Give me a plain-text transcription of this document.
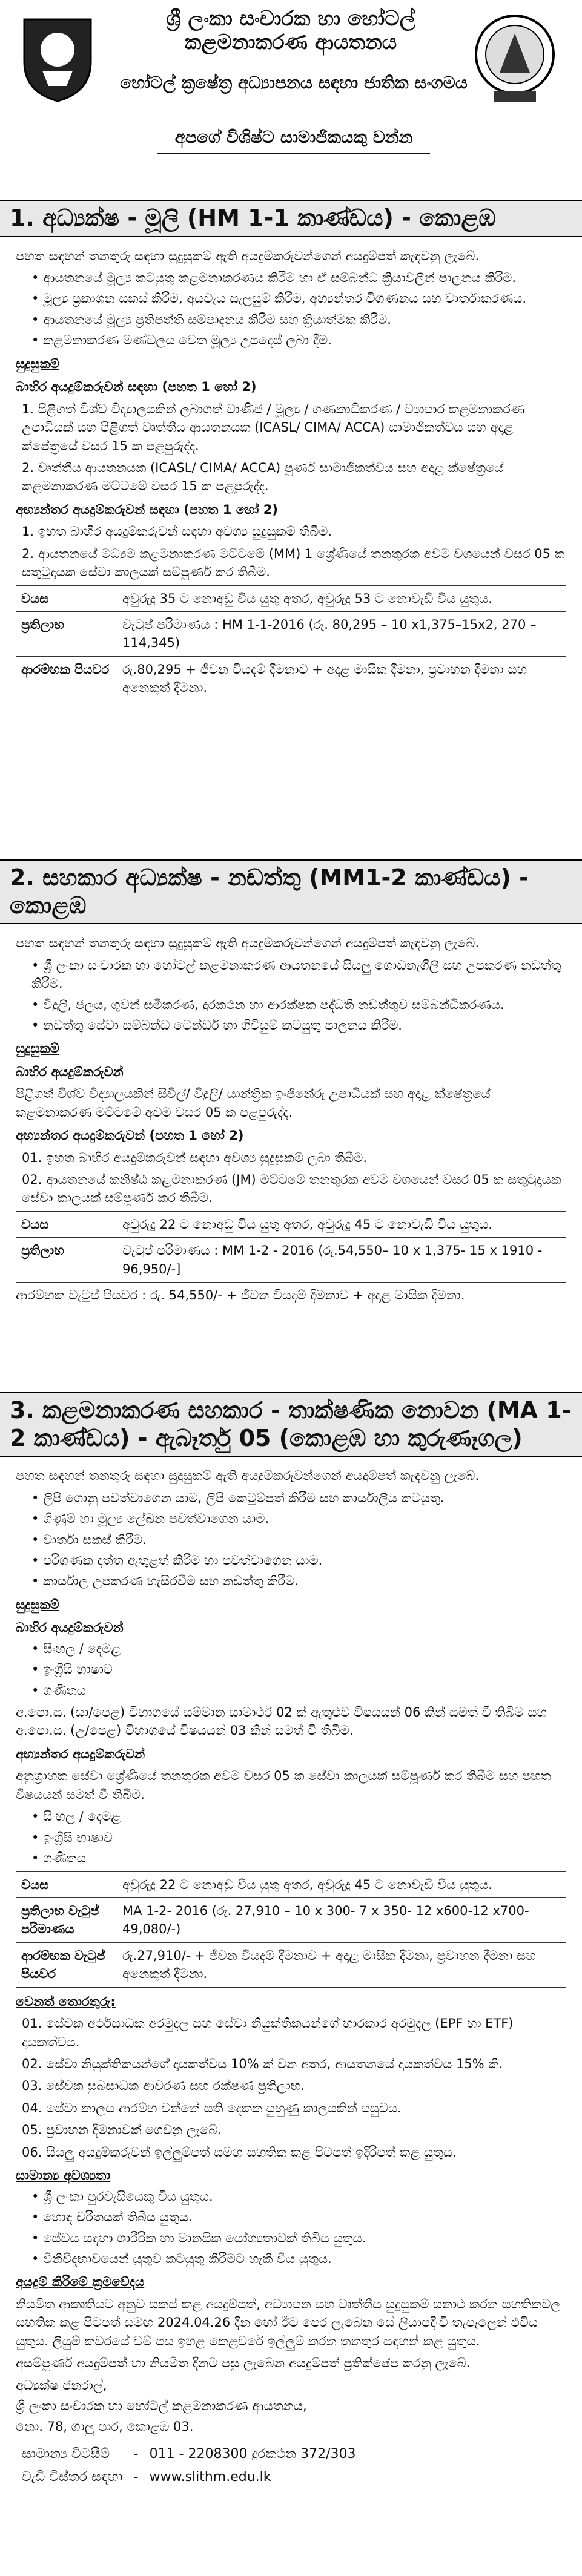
ශ්‍රී ලංකා සංචාරක හා හෝටල් කළමනාකරණ ආයතනය
හෝටල් ක්‍රෂේත්‍ර අධ්‍යාපනය සඳහා ජාතික සංගමය
අපගේ විශිෂ්ට සාමාජිකයකු වන්න
1. අධ්‍යක්ෂ - මූලි (HM 1-1 කාණ්ඩය) - කොළඹ

පහත සඳහන් තනතුරු සඳහා සුදුසුකම් ඇති අයදුම්කරුවන්ගෙන් අයදුම්පත් කැඳවනු ලැබේ.

• ආයතනයේ මූල්‍ය කටයුතු කළමනාකරණය කිරීම හා ඒ සම්බන්ධ ක්‍රියාවලීන් පාලනය කිරීම.
• මූල්‍ය ප්‍රකාශන සකස් කිරීම, අයවැය සැලසුම් කිරීම, අභ්‍යන්තර විගණනය සහ වාර්තාකරණය.
• ආයතනයේ මූල්‍ය ප්‍රතිපත්ති සම්පාදනය කිරීම සහ ක්‍රියාත්මක කිරීම.
• කළමනාකරණ මණ්ඩලය වෙත මූල්‍ය උපදෙස් ලබා දීම.
සුදුසුකම්
බාහිර අයදුම්කරුවන් සඳහා (පහත 1 හෝ 2)
1. පිළිගත් විශ්ව විද්‍යාලයකින් ලබාගත් වාණිජ / මූල්‍ය / ගණකාධිකරණ / ව්‍යාපාර කළමනාකරණ උපාධියක් සහ පිළිගත් වෘත්තීය ආයතනයක (ICASL/ CIMA/ ACCA) සාමාජිකත්වය සහ අදාළ ක්ෂේත්‍රයේ වසර 15 ක පළපුරුද්ද.
2. වෘත්තීය ආයතනයක (ICASL/ CIMA/ ACCA) පූර්ණ සාමාජිකත්වය සහ අදාළ ක්ෂේත්‍රයේ කළමනාකරණ මට්ටමේ වසර 15 ක පළපුරුද්ද.
අභ්‍යන්තර අයදුම්කරුවන් සඳහා (පහත 1 හෝ 2)
1. ඉහත බාහිර අයදුම්කරුවන් සඳහා අවශ්‍ය සුදුසුකම් තිබීම.
2. ආයතනයේ මධ්‍යම කළමනාකරණ මට්ටමේ (MM) 1 ශ්‍රේණියේ තනතුරක අවම වශයෙන් වසර 05 ක සතුටුදායක සේවා කාලයක් සම්පූර්ණ කර තිබීම.
වයස	අවුරුදු 35 ට නොඅඩු විය යුතු අතර, අවුරුදු 53 ට නොවැඩි විය යුතුය.
ප්‍රතිලාභ	වැටුප් පරිමාණය : HM 1-1-2016 (රු. 80,295 – 10 x1,375–15x2, 270 – 114,345)
ආරම්භක පියවර	රු.80,295 + ජීවන වියදම් දීමනාව + අදාළ මාසික දීමනා, ප්‍රවාහන දීමනා සහ අනෙකුත් දීමනා.
2. සහකාර අධ්‍යක්ෂ - නඩත්තු (MM1-2 කාණ්ඩය) - කොළඹ

පහත සඳහන් තනතුරු සඳහා සුදුසුකම් ඇති අයදුම්කරුවන්ගෙන් අයදුම්පත් කැඳවනු ලැබේ.

• ශ්‍රී ලංකා සංචාරක හා හෝටල් කළමනාකරණ ආයතනයේ සියලු ගොඩනැගිලි සහ උපකරණ නඩත්තු කිරීම.
• විදුලි, ජලය, ගුවන් සමීකරණ, දුරකථන හා ආරක්ෂක පද්ධති නඩත්තුව සම්බන්ධීකරණය.
• නඩත්තු සේවා සම්බන්ධ ටෙන්ඩර් හා ගිවිසුම් කටයුතු පාලනය කිරීම.
සුදුසුකම්
බාහිර අයදුම්කරුවන්

පිළිගත් විශ්ව විද්‍යාලයකින් සිවිල්/ විදුලි/ යාන්ත්‍රික ඉංජිනේරු උපාධියක් සහ අදාළ ක්ෂේත්‍රයේ කළමනාකරණ මට්ටමේ අවම වසර 05 ක පළපුරුද්ද.

අභ්‍යන්තර අයදුම්කරුවන් (පහත 1 හෝ 2)
01. ඉහත බාහිර අයදුම්කරුවන් සඳහා අවශ්‍ය සුදුසුකම් ලබා තිබීම.
02. ආයතනයේ කනිෂ්ඨ කළමනාකරණ (JM) මට්ටමේ තනතුරක අවම වශයෙන් වසර 05 ක සතුටුදායක සේවා කාලයක් සම්පූර්ණ කර තිබීම.
වයස	අවුරුදු 22 ට නොඅඩු විය යුතු අතර, අවුරුදු 45 ට නොවැඩි විය යුතුය.
ප්‍රතිලාභ	වැටුප් පරිමාණය : MM 1-2 - 2016 (රු.54,550– 10 x 1,375- 15 x 1910 - 96,950/-]

ආරම්භක වැටුප් පියවර : රු. 54,550/- + ජීවන වියදම් දීමනාව + අදාළ මාසික දීමනා.

3. කළමනාකරණ සහකාර - තාක්ෂණික නොවන (MA 1-2 කාණ්ඩය) - ඇබෑර්තු 05 (කොළඹ හා කුරුණෑගල)

පහත සඳහන් තනතුරු සඳහා සුදුසුකම් ඇති අයදුම්කරුවන්ගෙන් අයදුම්පත් කැඳවනු ලැබේ.

• ලිපි ගොනු පවත්වාගෙන යාම, ලිපි කෙටුම්පත් කිරීම සහ කාර්යාලීය කටයුතු.
• ගිණුම් හා මූල්‍ය ලේඛන පවත්වාගෙන යාම.
• වාර්තා සකස් කිරීම.
• පරිගණක දත්ත ඇතුළත් කිරීම හා පවත්වාගෙන යාම.
• කාර්යාල උපකරණ හැසිරවීම සහ නඩත්තු කිරීම.
සුදුසුකම්
බාහිර අයදුම්කරුවන්
• සිංහල / දෙමළ
• ඉංග්‍රීසි භාෂාව
• ගණිතය

අ.පො.ස. (සා/පෙළ) විභාගයේ සම්මාන සාමාර්ථ 02 ක් ඇතුළුව විෂයයන් 06 කින් සමත් වී තිබීම සහ අ.පො.ස. (උ/පෙළ) විභාගයේ විෂයයන් 03 කින් සමත් වී තිබීම.

අභ්‍යන්තර අයදුම්කරුවන්

අනුග්‍රාහක සේවා ශ්‍රේණියේ තනතුරක අවම වසර 05 ක සේවා කාලයක් සම්පූර්ණ කර තිබීම සහ පහත විෂයයන් සමත් වී තිබීම.

• සිංහල / දෙමළ
• ඉංග්‍රීසි භාෂාව
• ගණිතය
වයස	අවුරුදු 22 ට නොඅඩු විය යුතු අතර, අවුරුදු 45 ට නොවැඩි විය යුතුය.
ප්‍රතිලාභ වැටුප් පරිමාණය	MA 1-2- 2016 (රු. 27,910 – 10 x 300- 7 x 350- 12 x600-12 x700- 49,080/-)
ආරම්භක වැටුප් පියවර	රු.27,910/- + ජීවන වියදම් දීමනාව + අදාළ මාසික දීමනා, ප්‍රවාහන දීමනා සහ අනෙකුත් දීමනා.
වෙනත් තොරතුරු:
01. සේවක අර්ථසාධක අරමුදල සහ සේවා නියුක්තිකයන්ගේ භාරකාර අරමුදල (EPF හා ETF) දායකත්වය.
02. සේවා නියුක්තිකයන්ගේ දායකත්වය 10% ක් වන අතර, ආයතනයේ දායකත්වය 15% කි.
03. සේවක සුබසාධක ආවරණ සහ රක්ෂණ ප්‍රතිලාභ.
04. සේවා කාලය ආරම්භ වන්නේ සති දෙකක පුහුණු කාලයකින් පසුවය.
05. ප්‍රවාහන දීමනාවක් ගෙවනු ලැබේ.
06. සියලු අයදුම්කරුවන් ඉල්ලුම්පත් සමඟ සහතික කළ පිටපත් ඉදිරිපත් කළ යුතුය.
සාමාන්‍ය අවශ්‍යතා
• ශ්‍රී ලංකා පුරවැසියෙකු විය යුතුය.
• හොඳ චරිතයක් තිබිය යුතුය.
• සේවය සඳහා ශාරීරික හා මානසික යෝග්‍යතාවක් තිබිය යුතුය.
• විනිවිදභාවයෙන් යුතුව කටයුතු කිරීමට හැකි විය යුතුය.
අයදුම් කිරීමේ ක්‍රමවේදය

නියමිත ආකෘතියට අනුව සකස් කළ අයදුම්පත්, අධ්‍යාපන සහ වෘත්තීය සුදුසුකම් සනාථ කරන සහතිකවල සහතික කළ පිටපත් සමඟ 2024.04.26 දින හෝ ඊට පෙර ලැබෙන සේ ලියාපදිංචි තැපෑලෙන් එවිය යුතුය. ලියුම් කවරයේ වම් පස ඉහළ කෙළවරේ ඉල්ලුම් කරන තනතුර සඳහන් කළ යුතුය.

අසම්පූර්ණ අයදුම්පත් හා නියමිත දිනට පසු ලැබෙන අයදුම්පත් ප්‍රතික්ෂේප කරනු ලැබේ.

අධ්‍යක්ෂ ජනරාල්,
ශ්‍රී ලංකා සංචාරක හා හෝටල් කළමනාකරණ ආයතනය,
නො. 78, ගාලු පාර, කොළඹ 03.
සාමාන්‍ය විමසීම්	-	011 - 2208300 දුරකථන 372/303
වැඩි විස්තර සඳහා	-	www.slithm.edu.lk
